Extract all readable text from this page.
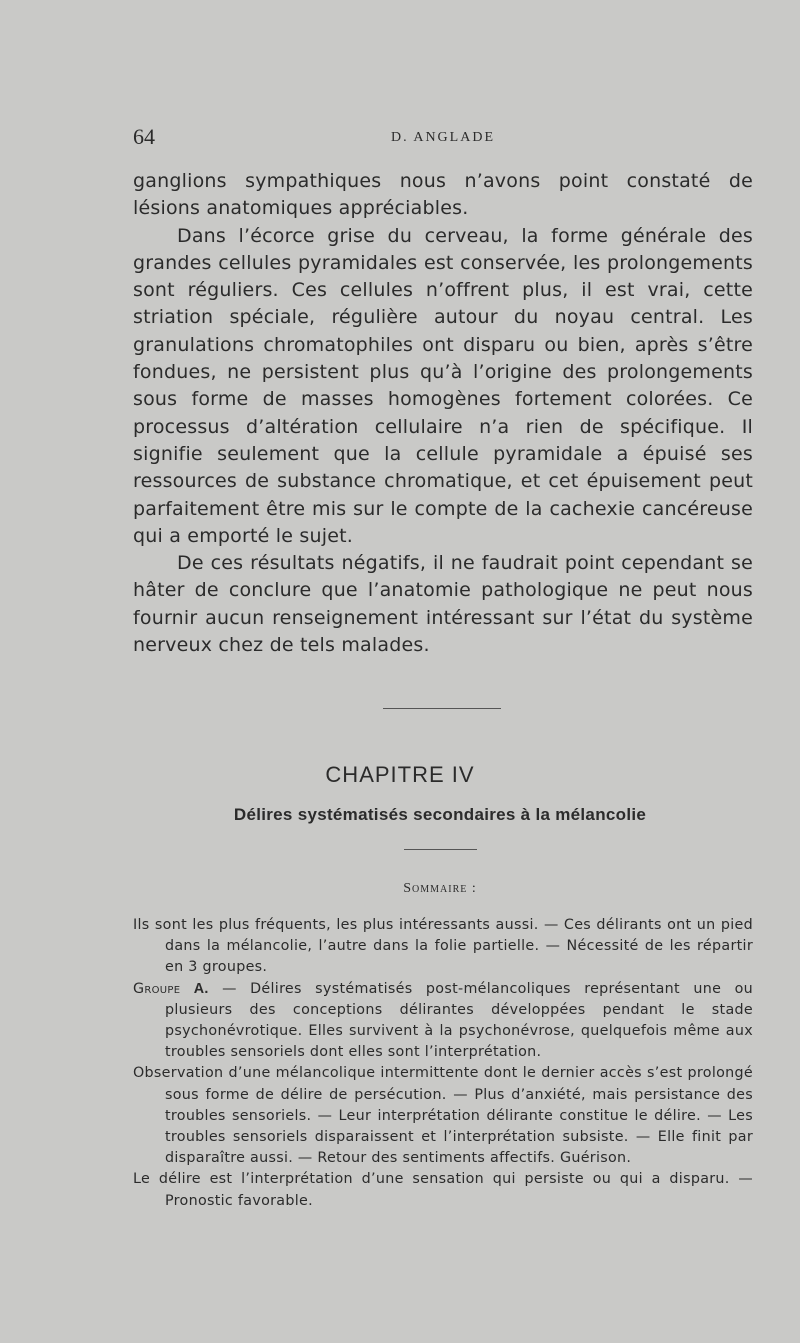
64	D. ANGLADE

ganglions sympathiques nous n’avons point constaté de lésions anatomiques appréciables.

Dans l’écorce grise du cerveau, la forme générale des grandes cellules pyramidales est conservée, les prolongements sont réguliers. Ces cellules n’offrent plus, il est vrai, cette striation spéciale, régulière autour du noyau central. Les granulations chromatophiles ont disparu ou bien, après s’être fondues, ne persistent plus qu’à l’origine des prolongements sous forme de masses homogènes fortement colorées. Ce processus d’altération cellulaire n’a rien de spécifique. Il signifie seulement que la cellule pyramidale a épuisé ses ressources de substance chromatique, et cet épuisement peut parfaitement être mis sur le compte de la cachexie cancéreuse qui a emporté le sujet.

De ces résultats négatifs, il ne faudrait point cependant se hâter de conclure que l’anatomie pathologique ne peut nous fournir aucun renseignement intéressant sur l’état du système nerveux chez de tels malades.

CHAPITRE IV
Délires systématisés secondaires à la mélancolie
Sommaire :

Ils sont les plus fréquents, les plus intéressants aussi. — Ces délirants ont un pied dans la mélancolie, l’autre dans la folie partielle. — Nécessité de les répartir en 3 groupes.

Groupe A. — Délires systématisés post-mélancoliques représentant une ou plusieurs des conceptions délirantes développées pendant le stade psychonévrotique. Elles survivent à la psychonévrose, quelquefois même aux troubles sensoriels dont elles sont l’interprétation.

Observation d’une mélancolique intermittente dont le dernier accès s’est prolongé sous forme de délire de persécution. — Plus d’anxiété, mais persistance des troubles sensoriels. — Leur interprétation délirante constitue le délire. — Les troubles sensoriels disparaissent et l’interprétation subsiste. — Elle finit par disparaître aussi. — Retour des sentiments affectifs. Guérison.

Le délire est l’interprétation d’une sensation qui persiste ou qui a disparu. — Pronostic favorable.
